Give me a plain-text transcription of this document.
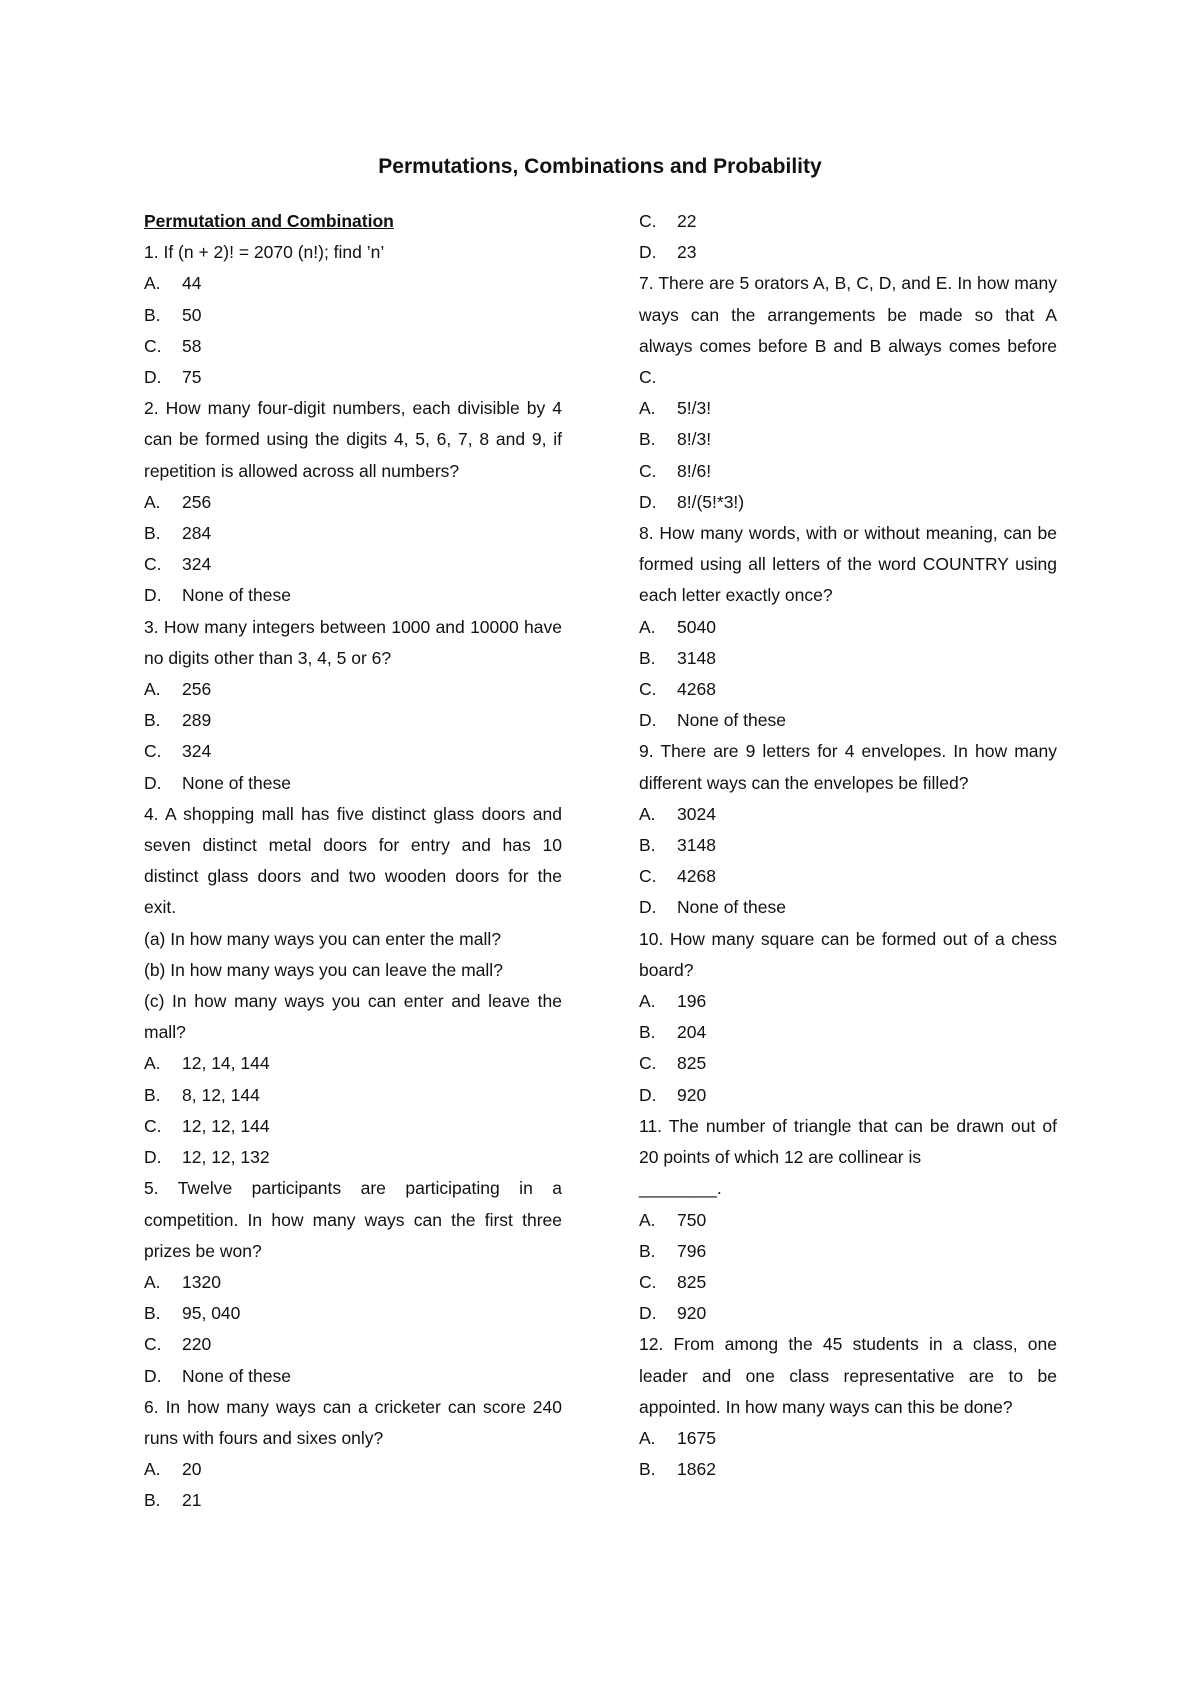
Permutations, Combinations and Probability

Permutation and Combination

1. If (n + 2)! = 2070 (n!); find ’n’

A.	44
B.	50
C.	58
D.	75

2. How many four-digit numbers, each divisible by 4 can be formed using the digits 4, 5, 6, 7, 8 and 9, if repetition is allowed across all numbers?

A.	256
B.	284
C.	324
D.	None of these

3. How many integers between 1000 and 10000 have no digits other than 3, 4, 5 or 6?

A.	256
B.	289
C.	324
D.	None of these

4. A shopping mall has five distinct glass doors and seven distinct metal doors for entry and has 10 distinct glass doors and two wooden doors for the exit.

(a) In how many ways you can enter the mall?

(b) In how many ways you can leave the mall?

(c) In how many ways you can enter and leave the mall?

A.	12, 14, 144
B.	8, 12, 144
C.	12, 12, 144
D.	12, 12, 132

5. Twelve participants are participating in a competition. In how many ways can the first three prizes be won?

A.	1320
B.	95, 040
C.	220
D.	None of these

6. In how many ways can a cricketer can score 240 runs with fours and sixes only?

A.	20
B.	21
C.	22
D.	23

7. There are 5 orators A, B, C, D, and E. In how many ways can the arrangements be made so that A always comes before B and B always comes before C.

A.	5!/3!
B.	8!/3!
C.	8!/6!
D.	8!/(5!*3!)

8. How many words, with or without meaning, can be formed using all letters of the word COUNTRY using each letter exactly once?

A.	5040
B.	3148
C.	4268
D.	None of these

9. There are 9 letters for 4 envelopes. In how many different ways can the envelopes be filled?

A.	3024
B.	3148
C.	4268
D.	None of these

10. How many square can be formed out of a chess board?

A.	196
B.	204
C.	825
D.	920

11. The number of triangle that can be drawn out of 20 points of which 12 are collinear is

________.

A.	750
B.	796
C.	825
D.	920

12. From among the 45 students in a class, one leader and one class representative are to be appointed. In how many ways can this be done?

A.	1675
B.	1862
